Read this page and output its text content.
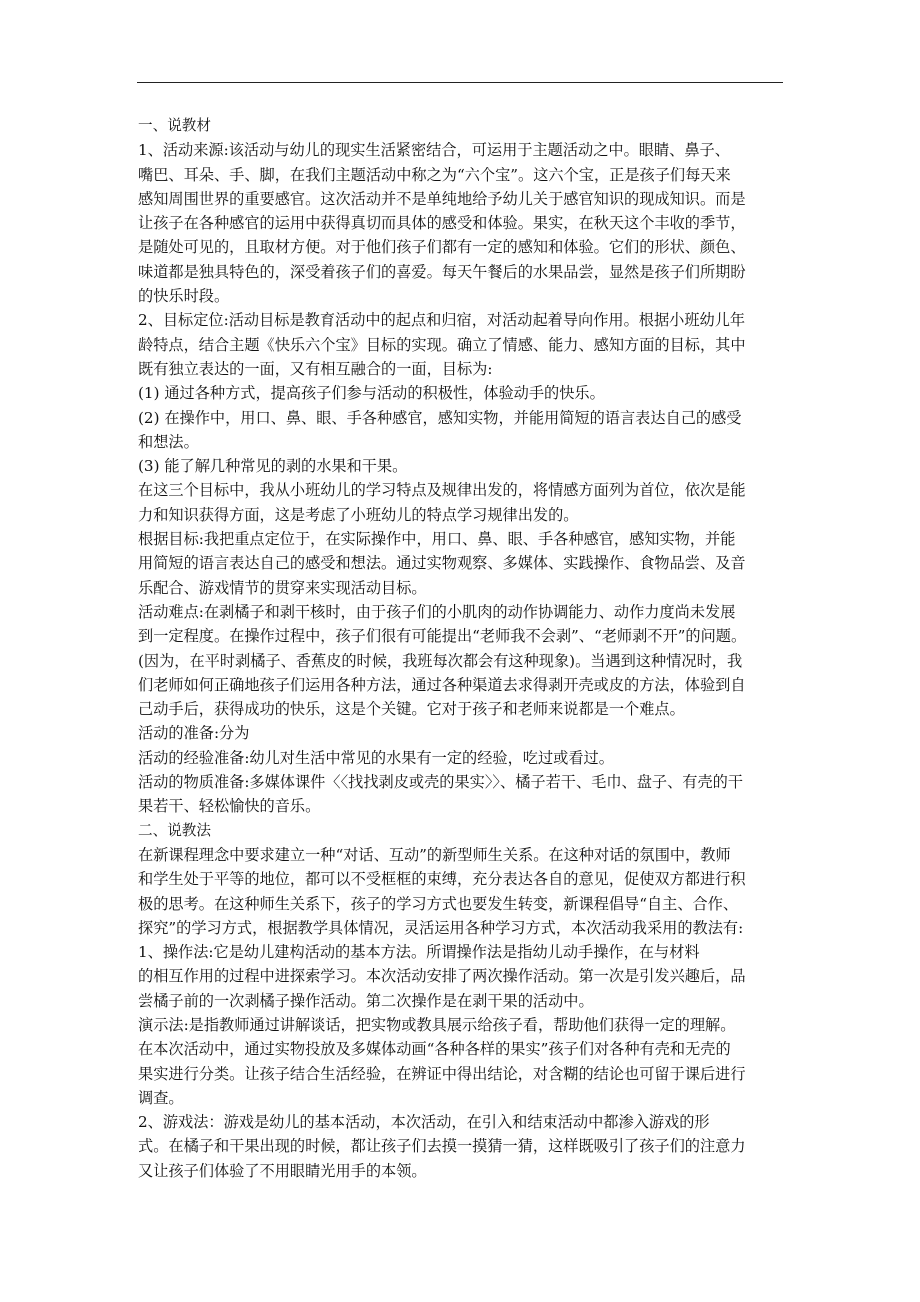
一、说教材
1、活动来源:该活动与幼儿的现实生活紧密结合，可运用于主题活动之中。眼睛、鼻子、
嘴巴、耳朵、手、脚，在我们主题活动中称之为“六个宝”。这六个宝，正是孩子们每天来
感知周围世界的重要感官。这次活动并不是单纯地给予幼儿关于感官知识的现成知识。而是
让孩子在各种感官的运用中获得真切而具体的感受和体验。果实，在秋天这个丰收的季节，
是随处可见的，且取材方便。对于他们孩子们都有一定的感知和体验。它们的形状、颜色、
味道都是独具特色的，深受着孩子们的喜爱。每天午餐后的水果品尝，显然是孩子们所期盼
的快乐时段。
2、目标定位:活动目标是教育活动中的起点和归宿，对活动起着导向作用。根据小班幼儿年
龄特点，结合主题《快乐六个宝》目标的实现。确立了情感、能力、感知方面的目标，其中
既有独立表达的一面，又有相互融合的一面，目标为:
(1) 通过各种方式，提高孩子们参与活动的积极性，体验动手的快乐。
(2) 在操作中，用口、鼻、眼、手各种感官，感知实物，并能用简短的语言表达自己的感受
和想法。
(3) 能了解几种常见的剥的水果和干果。
在这三个目标中，我从小班幼儿的学习特点及规律出发的，将情感方面列为首位，依次是能
力和知识获得方面，这是考虑了小班幼儿的特点学习规律出发的。
根据目标:我把重点定位于，在实际操作中，用口、鼻、眼、手各种感官，感知实物，并能
用简短的语言表达自己的感受和想法。通过实物观察、多媒体、实践操作、食物品尝、及音
乐配合、游戏情节的贯穿来实现活动目标。
活动难点:在剥橘子和剥干核时，由于孩子们的小肌肉的动作协调能力、动作力度尚未发展
到一定程度。在操作过程中，孩子们很有可能提出“老师我不会剥”、“老师剥不开”的问题。
(因为，在平时剥橘子、香蕉皮的时候，我班每次都会有这种现象)。当遇到这种情况时，我
们老师如何正确地孩子们运用各种方法，通过各种渠道去求得剥开壳或皮的方法，体验到自
己动手后，获得成功的快乐，这是个关键。它对于孩子和老师来说都是一个难点。
活动的准备:分为
活动的经验准备:幼儿对生活中常见的水果有一定的经验，吃过或看过。
活动的物质准备:多媒体课件〈〈找找剥皮或壳的果实〉〉、橘子若干、毛巾、盘子、有壳的干
果若干、轻松愉快的音乐。
二、说教法
在新课程理念中要求建立一种“对话、互动”的新型师生关系。在这种对话的氛围中，教师
和学生处于平等的地位，都可以不受框框的束缚，充分表达各自的意见，促使双方都进行积
极的思考。在这种师生关系下，孩子的学习方式也要发生转变，新课程倡导“自主、合作、
探究”的学习方式，根据教学具体情况，灵活运用各种学习方式，本次活动我采用的教法有:
1、操作法:它是幼儿建构活动的基本方法。所谓操作法是指幼儿动手操作，在与材料
的相互作用的过程中进探索学习。本次活动安排了两次操作活动。第一次是引发兴趣后，品
尝橘子前的一次剥橘子操作活动。第二次操作是在剥干果的活动中。
演示法:是指教师通过讲解谈话，把实物或教具展示给孩子看，帮助他们获得一定的理解。
在本次活动中，通过实物投放及多媒体动画“各种各样的果实”孩子们对各种有壳和无壳的
果实进行分类。让孩子结合生活经验，在辨证中得出结论，对含糊的结论也可留于课后进行
调查。
2、游戏法：游戏是幼儿的基本活动，本次活动，在引入和结束活动中都渗入游戏的形
式。在橘子和干果出现的时候，都让孩子们去摸一摸猜一猜，这样既吸引了孩子们的注意力
又让孩子们体验了不用眼睛光用手的本领。
